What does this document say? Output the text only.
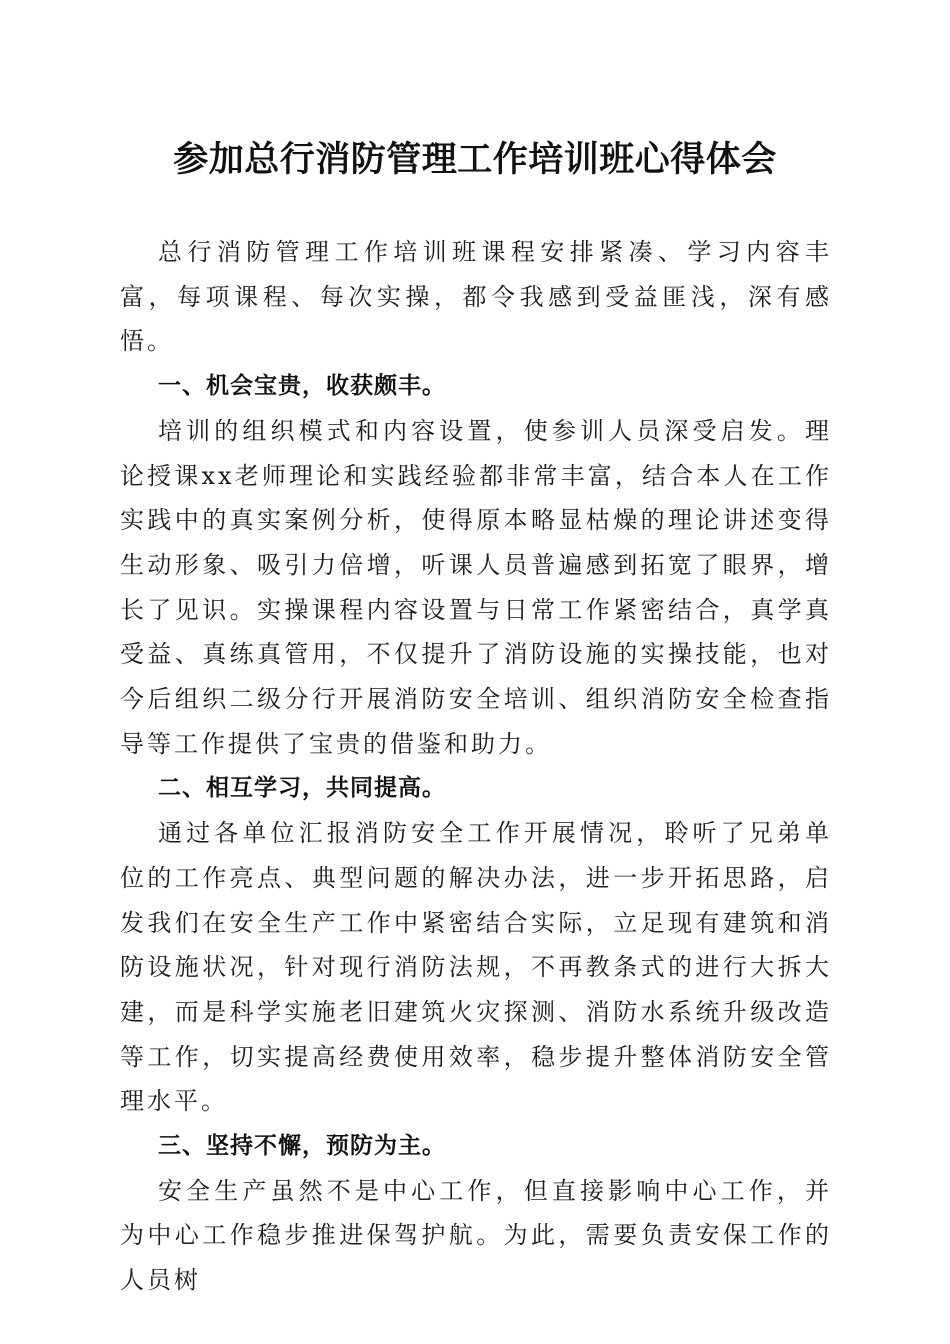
参加总行消防管理工作培训班心得体会

总行消防管理工作培训班课程安排紧凑、学习内容丰富，每项课程、每次实操，都令我感到受益匪浅，深有感悟。

一、机会宝贵，收获颇丰。

培训的组织模式和内容设置，使参训人员深受启发。理论授课xx老师理论和实践经验都非常丰富，结合本人在工作实践中的真实案例分析，使得原本略显枯燥的理论讲述变得生动形象、吸引力倍增，听课人员普遍感到拓宽了眼界，增长了见识。实操课程内容设置与日常工作紧密结合，真学真受益、真练真管用，不仅提升了消防设施的实操技能，也对今后组织二级分行开展消防安全培训、组织消防安全检查指导等工作提供了宝贵的借鉴和助力。

二、相互学习，共同提高。

通过各单位汇报消防安全工作开展情况，聆听了兄弟单位的工作亮点、典型问题的解决办法，进一步开拓思路，启发我们在安全生产工作中紧密结合实际，立足现有建筑和消防设施状况，针对现行消防法规，不再教条式的进行大拆大建，而是科学实施老旧建筑火灾探测、消防水系统升级改造等工作，切实提高经费使用效率，稳步提升整体消防安全管理水平。

三、坚持不懈，预防为主。

安全生产虽然不是中心工作，但直接影响中心工作，并为中心工作稳步推进保驾护航。为此，需要负责安保工作的人员树
